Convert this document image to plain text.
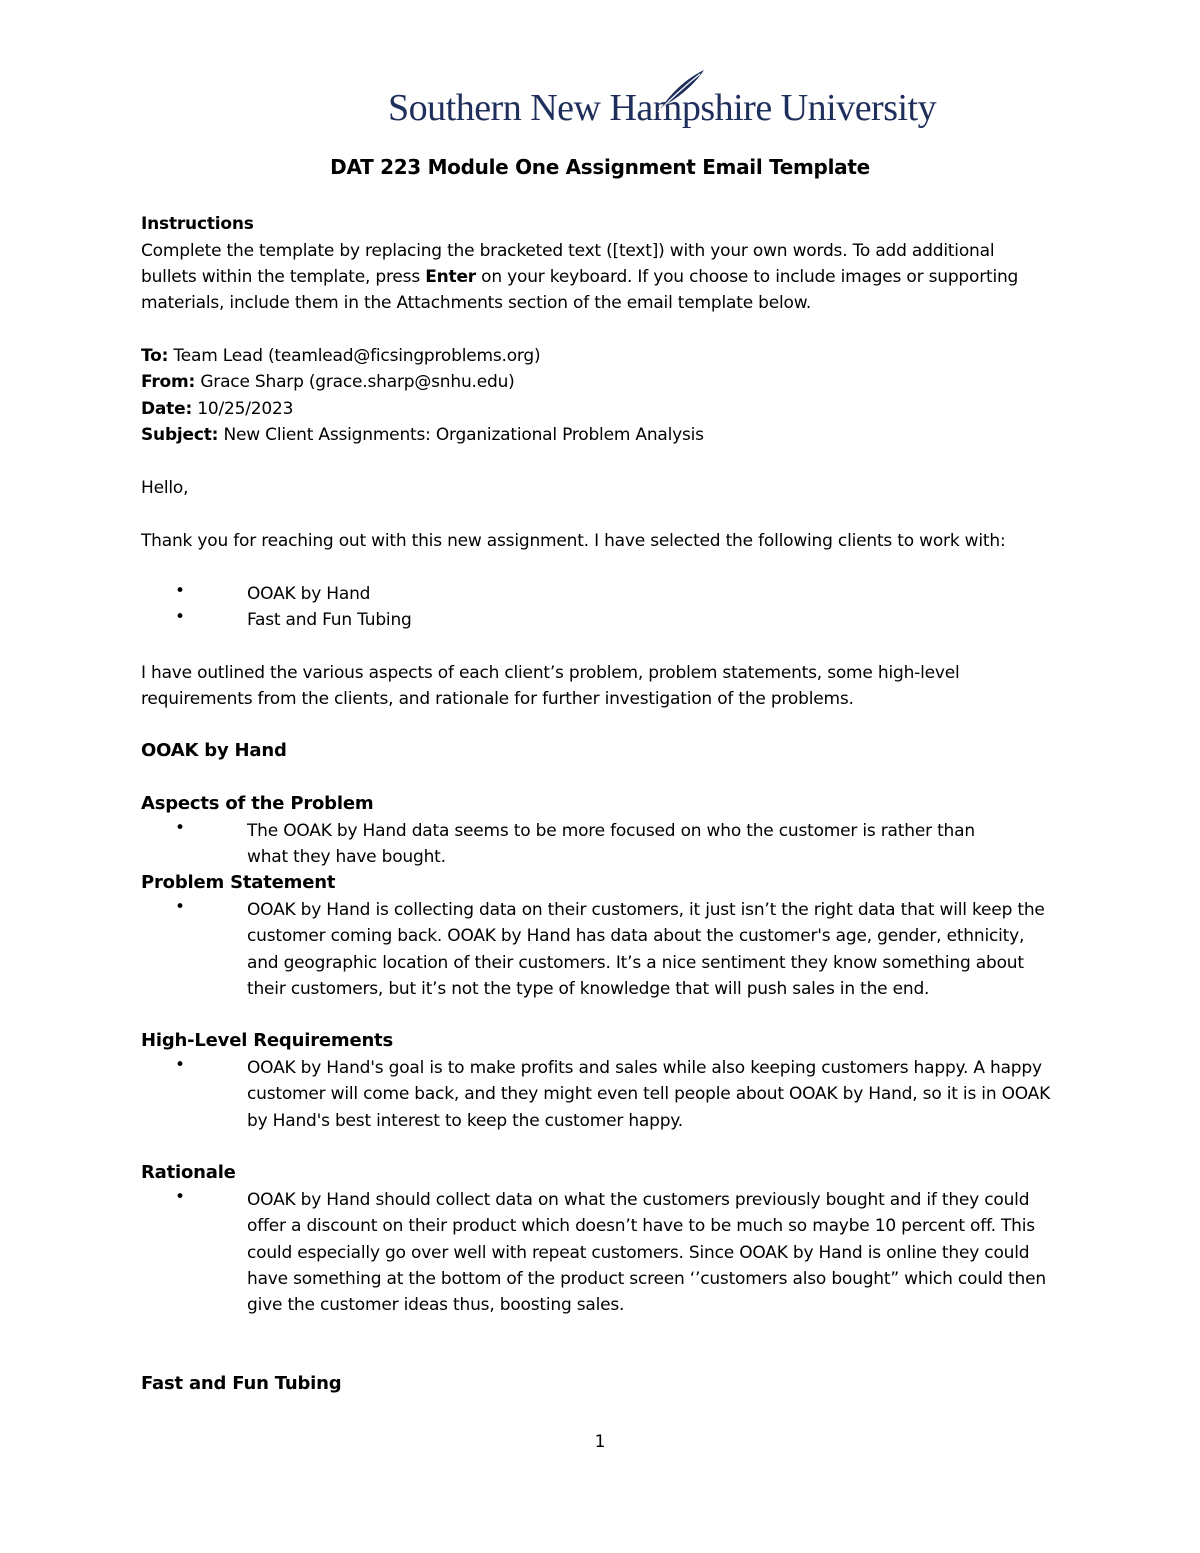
Southern New Hampshire University
DAT 223 Module One Assignment Email Template
Instructions
Complete the template by replacing the bracketed text ([text]) with your own words. To add additional
bullets within the template, press Enter on your keyboard. If you choose to include images or supporting
materials, include them in the Attachments section of the email template below.
To: Team Lead (teamlead@ficsingproblems.org)
From: Grace Sharp (grace.sharp@snhu.edu)
Date: 10/25/2023
Subject: New Client Assignments: Organizational Problem Analysis
Hello,
Thank you for reaching out with this new assignment. I have selected the following clients to work with:
•	OOAK by Hand
•	Fast and Fun Tubing
I have outlined the various aspects of each client’s problem, problem statements, some high-level
requirements from the clients, and rationale for further investigation of the problems.
OOAK by Hand
Aspects of the Problem
•	The OOAK by Hand data seems to be more focused on who the customer is rather than what they have bought.
Problem Statement
•	OOAK by Hand is collecting data on their customers, it just isn’t the right data that will keep the customer coming back. OOAK by Hand has data about the customer's age, gender, ethnicity, and geographic location of their customers. It’s a nice sentiment they know something about their customers, but it’s not the type of knowledge that will push sales in the end.
High-Level Requirements
•	OOAK by Hand's goal is to make profits and sales while also keeping customers happy. A happy customer will come back, and they might even tell people about OOAK by Hand, so it is in OOAK by Hand's best interest to keep the customer happy.
Rationale
•	OOAK by Hand should collect data on what the customers previously bought and if they could offer a discount on their product which doesn’t have to be much so maybe 10 percent off. This could especially go over well with repeat customers. Since OOAK by Hand is online they could have something at the bottom of the product screen ‘’customers also bought” which could then give the customer ideas thus, boosting sales.
Fast and Fun Tubing
1
